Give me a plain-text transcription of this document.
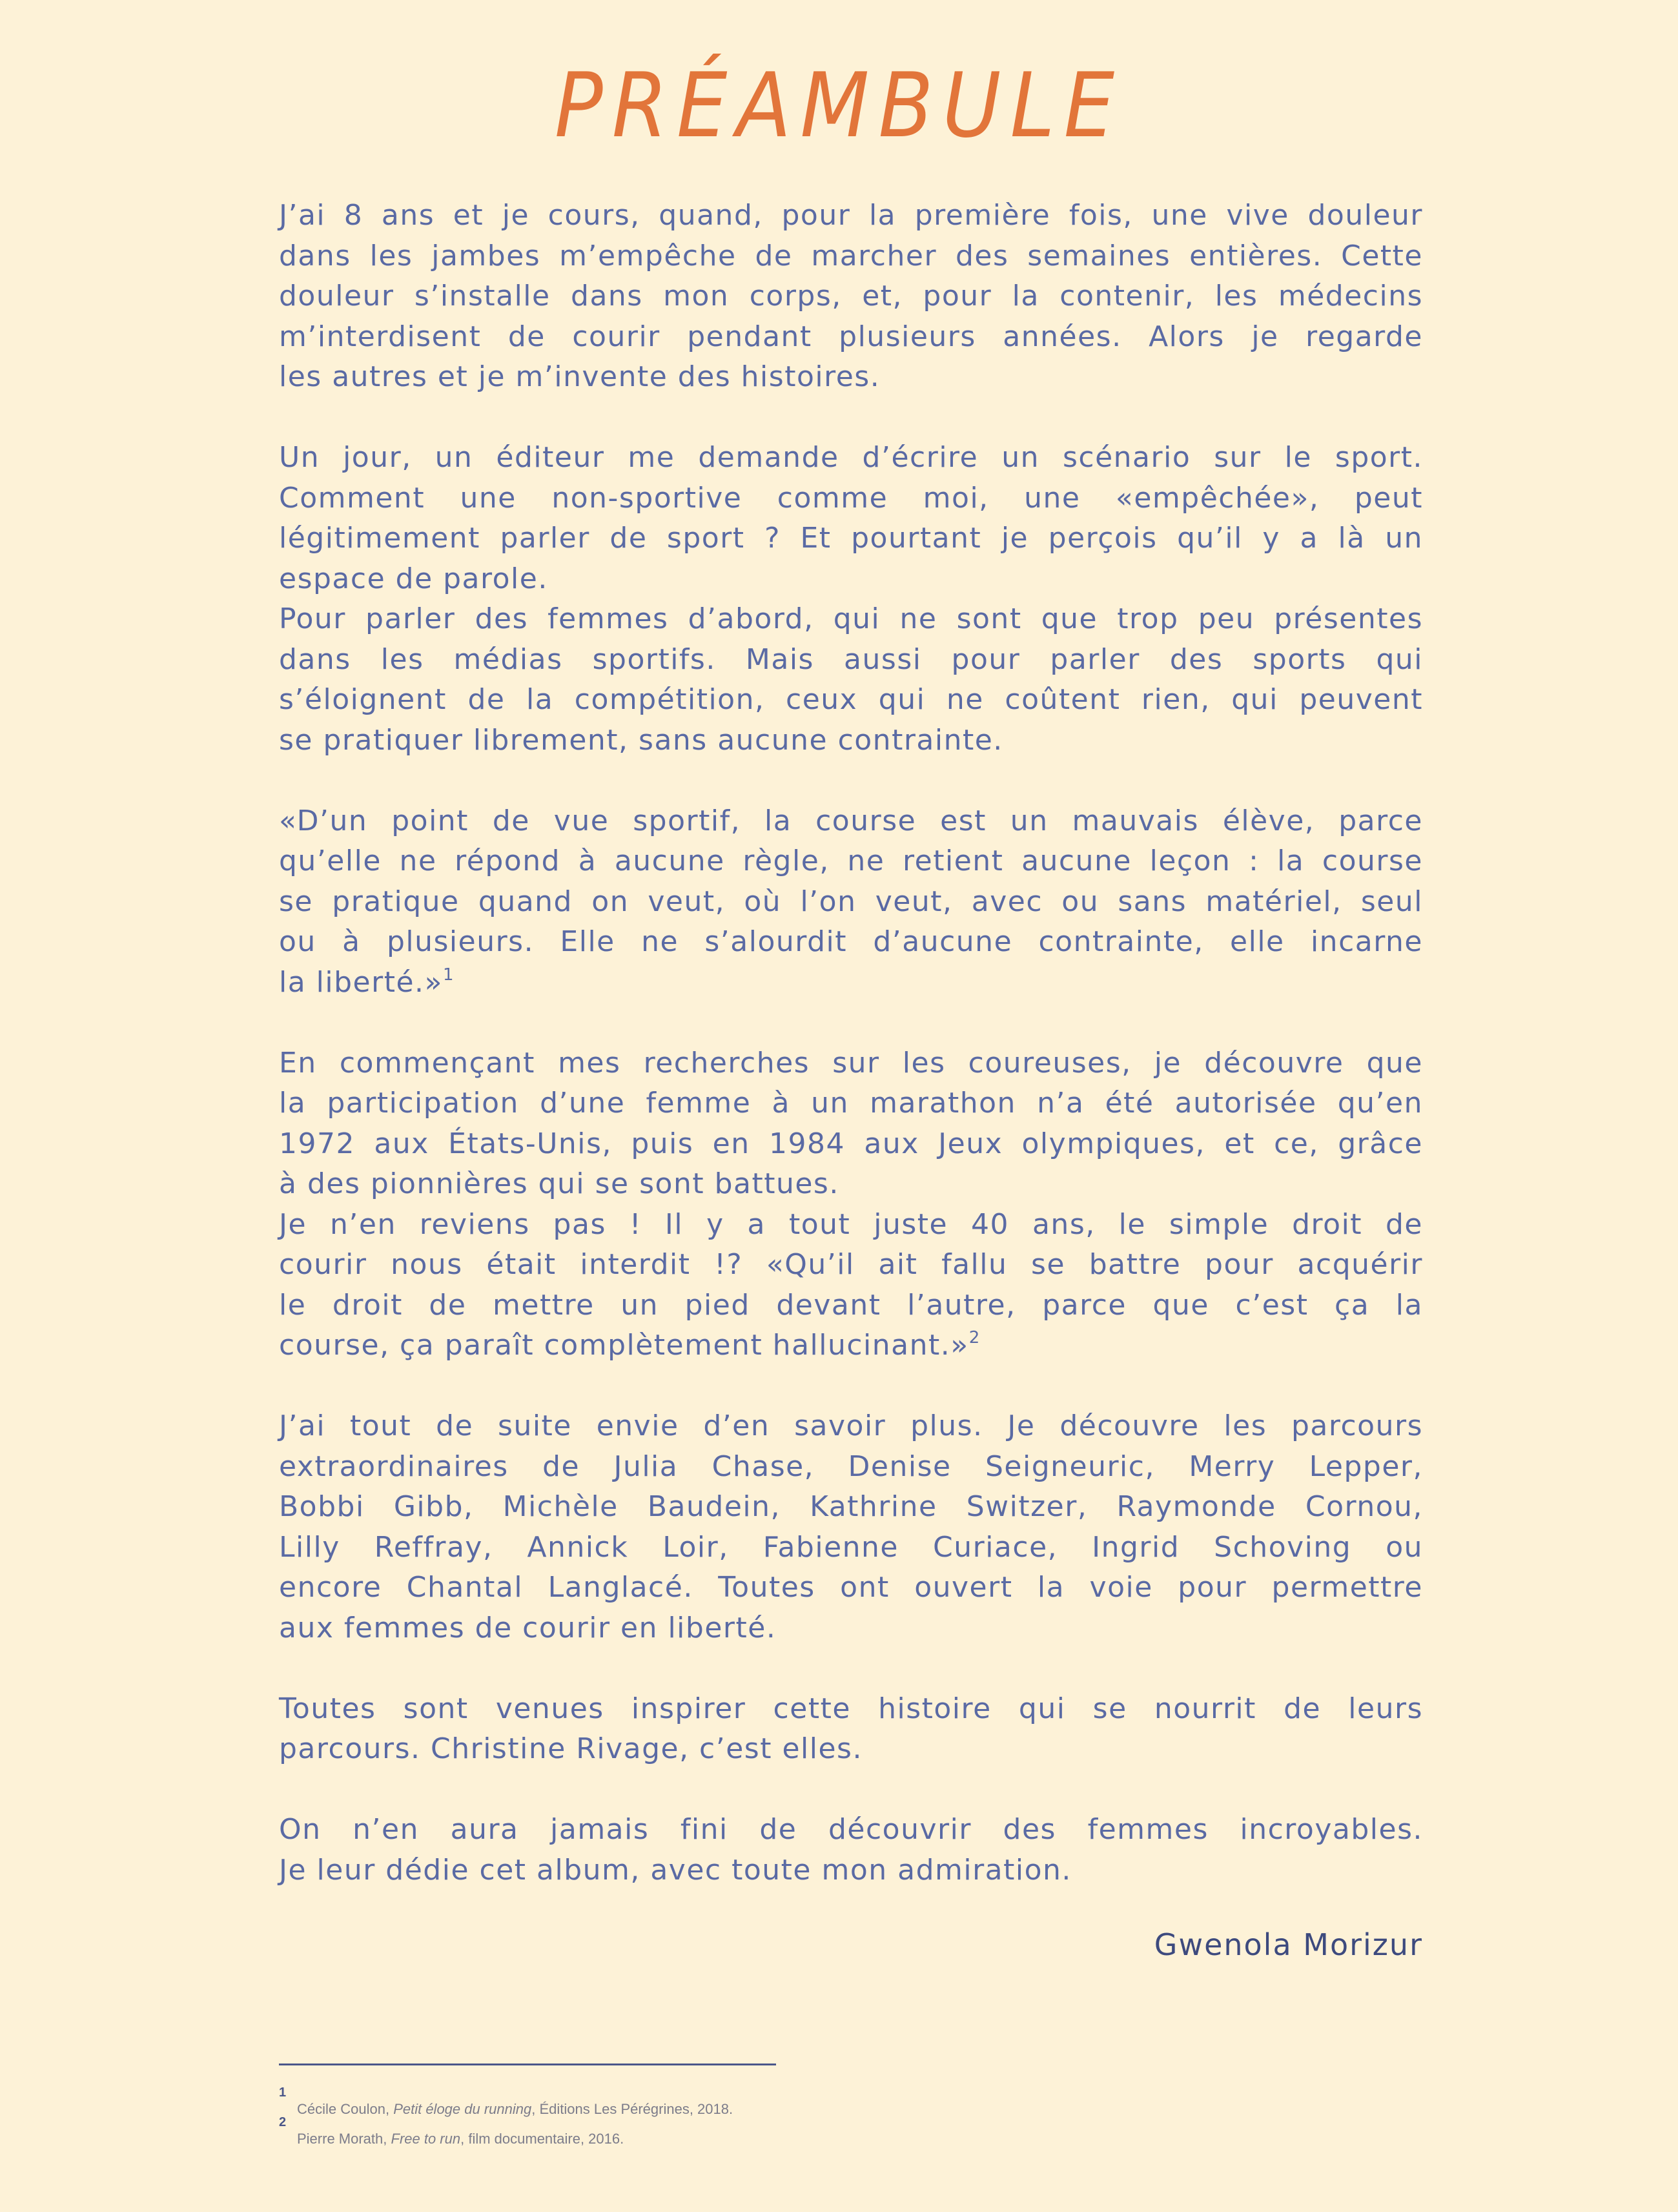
PRÉAMBULE

J’ai 8 ans et je cours, quand, pour la première fois, une vive douleur
dans les jambes m’empêche de marcher des semaines entières. Cette
douleur s’installe dans mon corps, et, pour la contenir, les médecins
m’interdisent de courir pendant plusieurs années. Alors je regarde
les autres et je m’invente des histoires.

Un jour, un éditeur me demande d’écrire un scénario sur le sport.
Comment une non-sportive comme moi, une «empêchée», peut
légitimement parler de sport ? Et pourtant je perçois qu’il y a là un
espace de parole.

Pour parler des femmes d’abord, qui ne sont que trop peu présentes
dans les médias sportifs. Mais aussi pour parler des sports qui
s’éloignent de la compétition, ceux qui ne coûtent rien, qui peuvent
se pratiquer librement, sans aucune contrainte.

«D’un point de vue sportif, la course est un mauvais élève, parce
qu’elle ne répond à aucune règle, ne retient aucune leçon : la course
se pratique quand on veut, où l’on veut, avec ou sans matériel, seul
ou à plusieurs. Elle ne s’alourdit d’aucune contrainte, elle incarne
la liberté.»$^1$

En commençant mes recherches sur les coureuses, je découvre que
la participation d’une femme à un marathon n’a été autorisée qu’en
1972 aux États-Unis, puis en 1984 aux Jeux olympiques, et ce, grâce
à des pionnières qui se sont battues.

Je n’en reviens pas ! Il y a tout juste 40 ans, le simple droit de
courir nous était interdit !? «Qu’il ait fallu se battre pour acquérir
le droit de mettre un pied devant l’autre, parce que c’est ça la
course, ça paraît complètement hallucinant.»$^2$

J’ai tout de suite envie d’en savoir plus. Je découvre les parcours
extraordinaires de Julia Chase, Denise Seigneuric, Merry Lepper,
Bobbi Gibb, Michèle Baudein, Kathrine Switzer, Raymonde Cornou,
Lilly Reffray, Annick Loir, Fabienne Curiace, Ingrid Schoving ou
encore Chantal Langlacé. Toutes ont ouvert la voie pour permettre
aux femmes de courir en liberté.

Toutes sont venues inspirer cette histoire qui se nourrit de leurs
parcours. Christine Rivage, c’est elles.

On n’en aura jamais fini de découvrir des femmes incroyables.
Je leur dédie cet album, avec toute mon admiration.

Gwenola Morizur
1
Cécile Coulon, Petit éloge du running, Éditions Les Pérégrines, 2018.
2
Pierre Morath, Free to run, film documentaire, 2016.
